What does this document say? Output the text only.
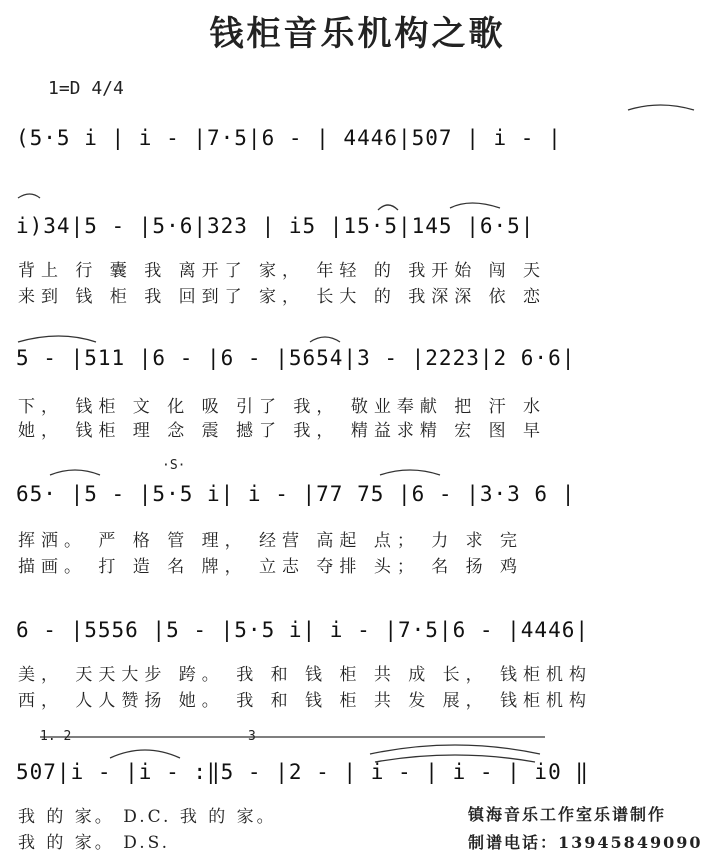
钱柜音乐机构之歌
1=D 4/4
1. 2	3
·S·
(5·5 i | i - |7·5|6 - | 4446|507 | i - |
i)34|5 - |5·6|323 | i5 |15·5|145 |6·5|
背上 行 囊 我 离开了 家， 年轻 的 我开始 闯 天
来到 钱 柜 我 回到了 家， 长大 的 我深深 依 恋
5 - |511 |6 - |6 - |5654|3 - |2223|2 6·6|
下， 钱柜 文 化 吸 引了 我， 敬业奉献 把 汗 水
她， 钱柜 理 念 震 撼了 我， 精益求精 宏 图 早
65· |5 - |5·5 i| i - |77 75 |6 - |3·3 6 |
挥洒。 严 格 管 理， 经营 高起 点； 力 求 完
描画。 打 造 名 牌， 立志 夺排 头； 名 扬 鸡
6 - |5556 |5 - |5·5 i| i - |7·5|6 - |4446|
美， 天天大步 跨。 我 和 钱 柜 共 成 长， 钱柜机构
西， 人人赞扬 她。 我 和 钱 柜 共 发 展， 钱柜机构
507|i - |i - :‖5 - |2 - | i - | i - | i0 ‖
我 的 家。 D.C. 我 的 家。
我 的 家。 D.S.
镇海音乐工作室乐谱制作
制谱电话：13945849090
